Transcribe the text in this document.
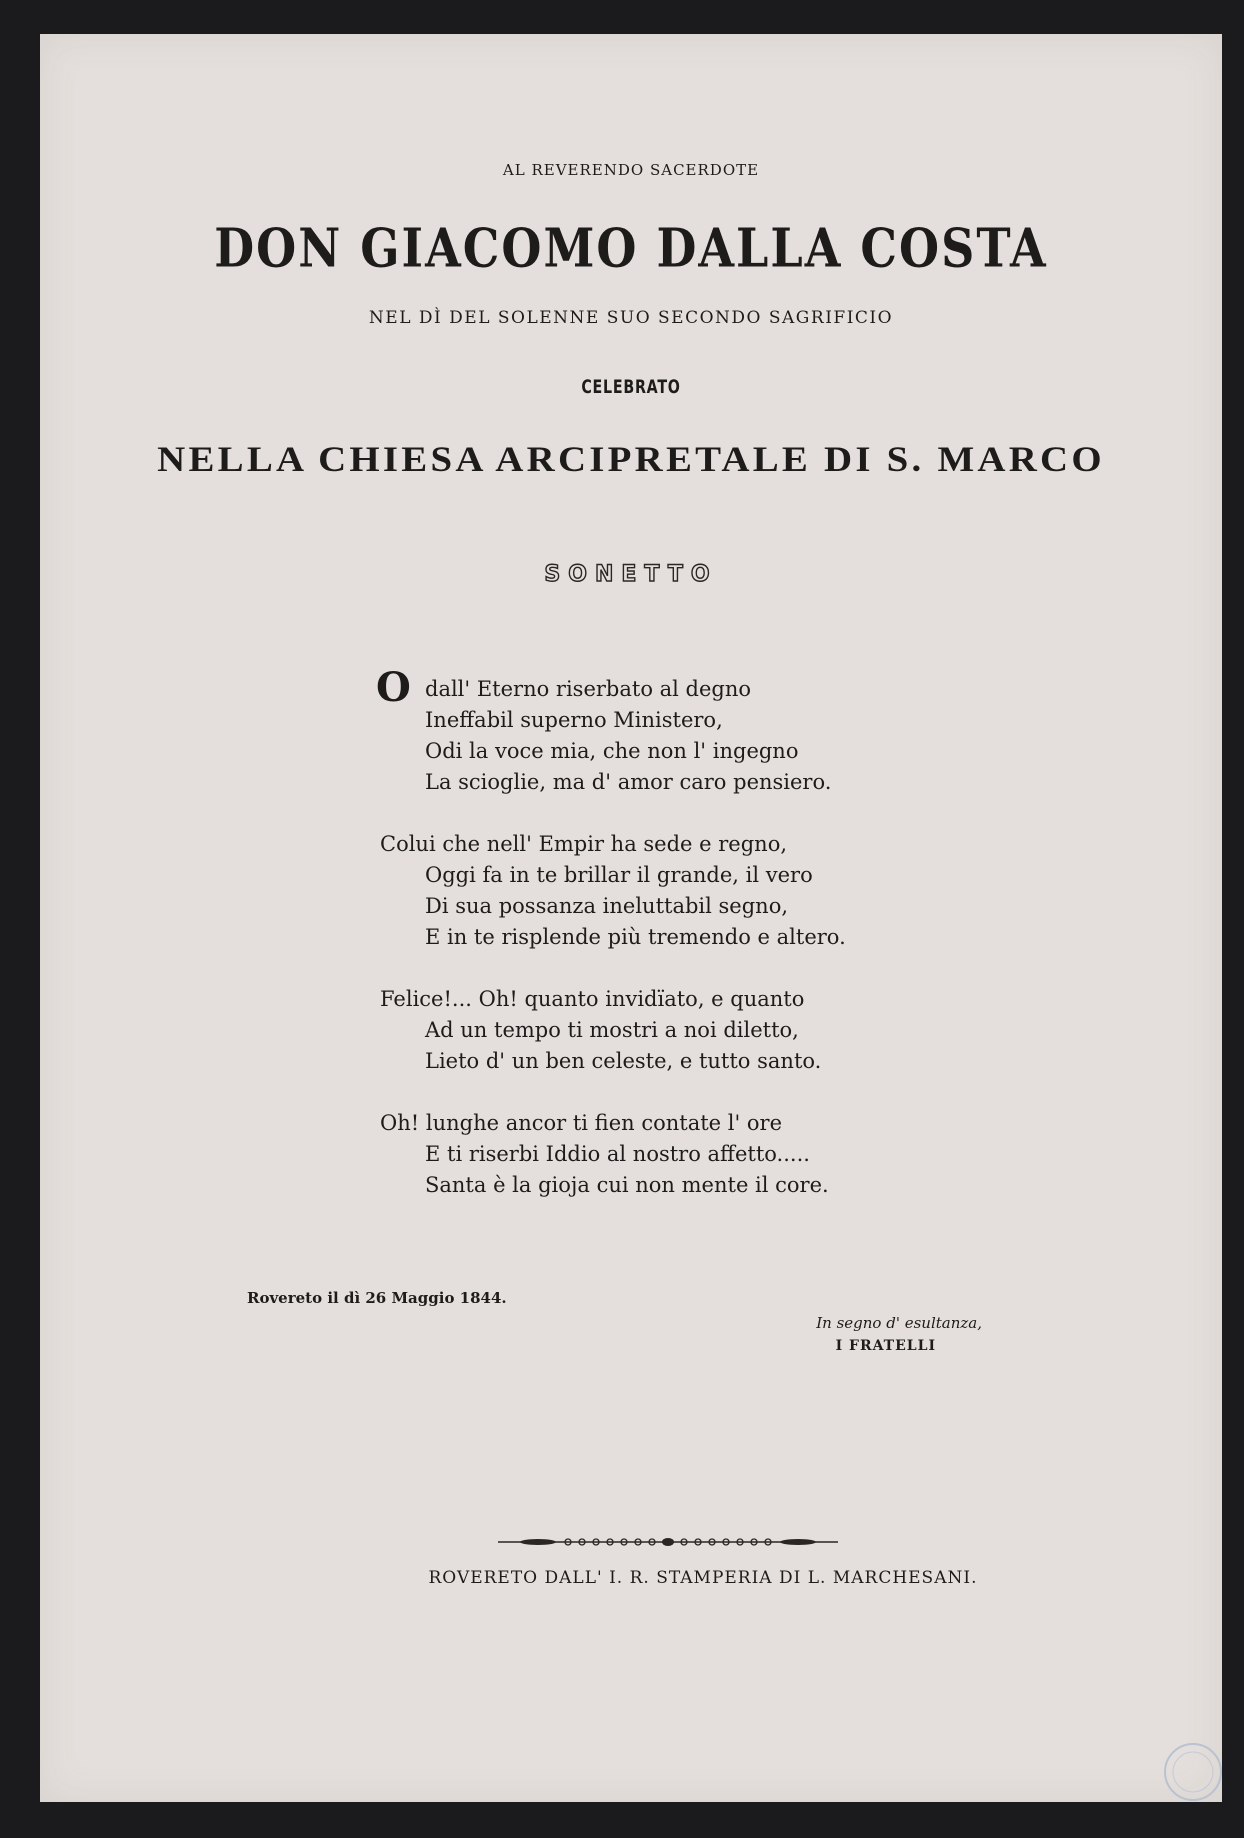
AL REVERENDO SACERDOTE
DON GIACOMO DALLA COSTA
NEL DÌ DEL SOLENNE SUO SECONDO SAGRIFICIO
CELEBRATO
NELLA CHIESA ARCIPRETALE DI S. MARCO
SONETTO
O dall' Eterno riserbato al degno
Ineffabil superno Ministero,
Odi la voce mia, che non l' ingegno
La scioglie, ma d' amor caro pensiero.
Colui che nell' Empir ha sede e regno,
Oggi fa in te brillar il grande, il vero
Di sua possanza ineluttabil segno,
E in te risplende più tremendo e altero.
Felice!... Oh! quanto invidïato, e quanto
Ad un tempo ti mostri a noi diletto,
Lieto d' un ben celeste, e tutto santo.
Oh! lunghe ancor ti fien contate l' ore
E ti riserbi Iddio al nostro affetto.....
Santa è la gioja cui non mente il core.
Rovereto il dì 26 Maggio 1844.
In segno d' esultanza,
I FRATELLI
ROVERETO DALL' I. R. STAMPERIA DI L. MARCHESANI.
